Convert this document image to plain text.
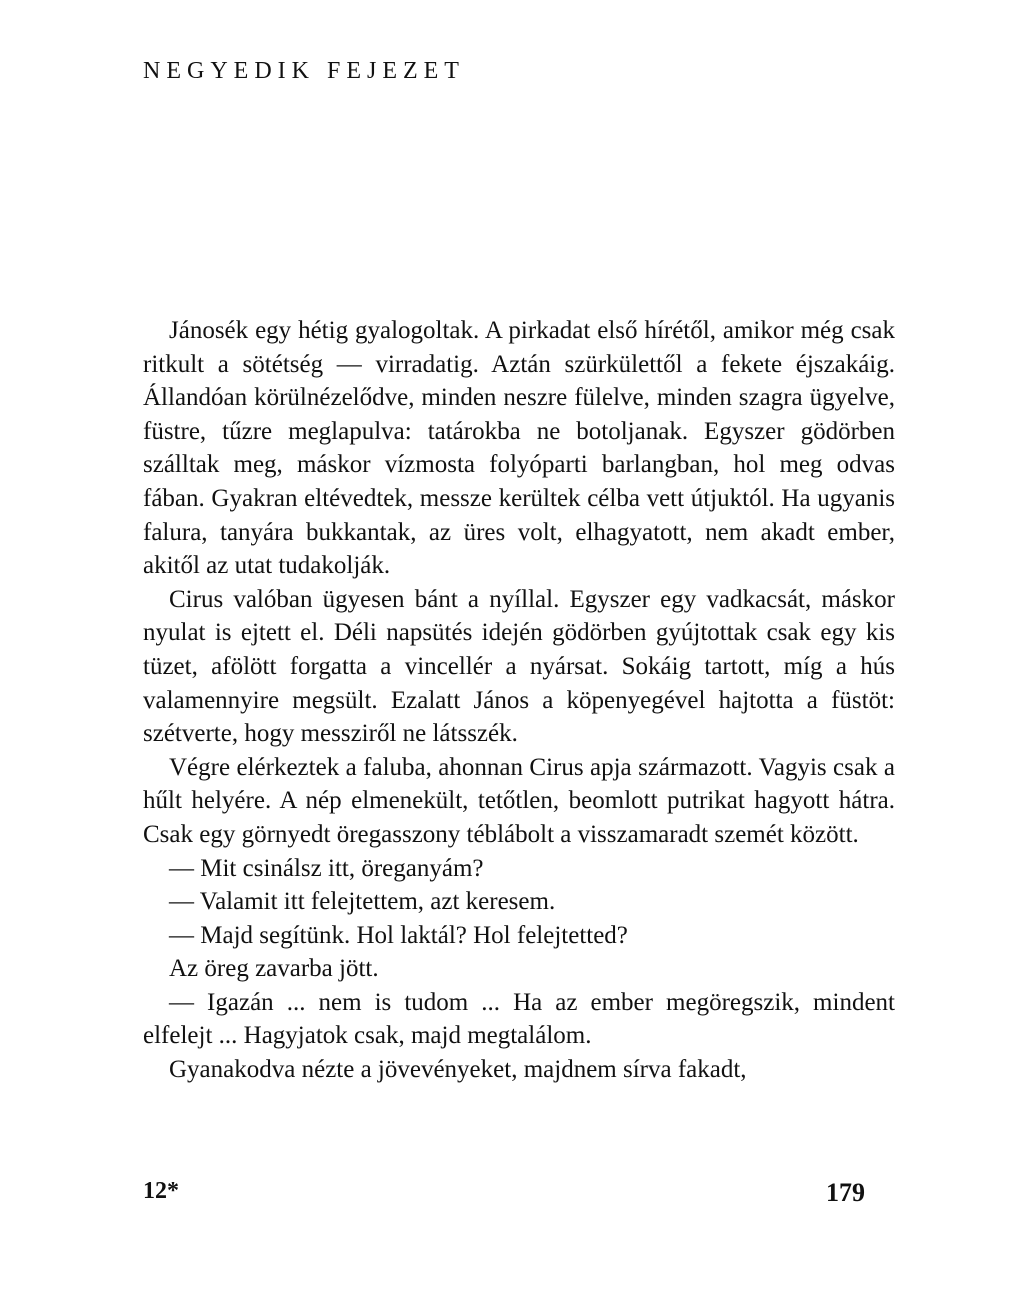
NEGYEDIK FEJEZET

Jánosék egy hétig gyalogoltak. A pirkadat első hírétől, amikor még csak ritkult a sötétség — virradatig. Aztán szürkülettől a fekete éjszakáig. Állandóan körülnézelődve, minden neszre fülelve, minden szagra ügyelve, füstre, tűzre meglapulva: tatárokba ne botoljanak. Egyszer gödörben szálltak meg, máskor vízmosta folyóparti barlangban, hol meg odvas fában. Gyakran eltévedtek, messze kerültek célba vett útjuktól. Ha ugyanis falura, tanyára bukkantak, az üres volt, elhagyatott, nem akadt ember, akitől az utat tudakolják.

Cirus valóban ügyesen bánt a nyíllal. Egyszer egy vadkacsát, máskor nyulat is ejtett el. Déli napsütés idején gödörben gyújtottak csak egy kis tüzet, afölött forgatta a vincellér a nyársat. Sokáig tartott, míg a hús valamennyire megsült. Ezalatt János a köpenyegével hajtotta a füstöt: szétverte, hogy messziről ne látsszék.

Végre elérkeztek a faluba, ahonnan Cirus apja származott. Vagyis csak a hűlt helyére. A nép elmenekült, tetőtlen, beomlott putrikat hagyott hátra. Csak egy görnyedt öregasszony téblábolt a visszamaradt szemét között.

— Mit csinálsz itt, öreganyám?

— Valamit itt felejtettem, azt keresem.

— Majd segítünk. Hol laktál? Hol felejtetted?

Az öreg zavarba jött.

— Igazán ... nem is tudom ... Ha az ember megöregszik, mindent elfelejt ... Hagyjatok csak, majd megtalálom.

Gyanakodva nézte a jövevényeket, majdnem sírva fakadt,

12*	179
